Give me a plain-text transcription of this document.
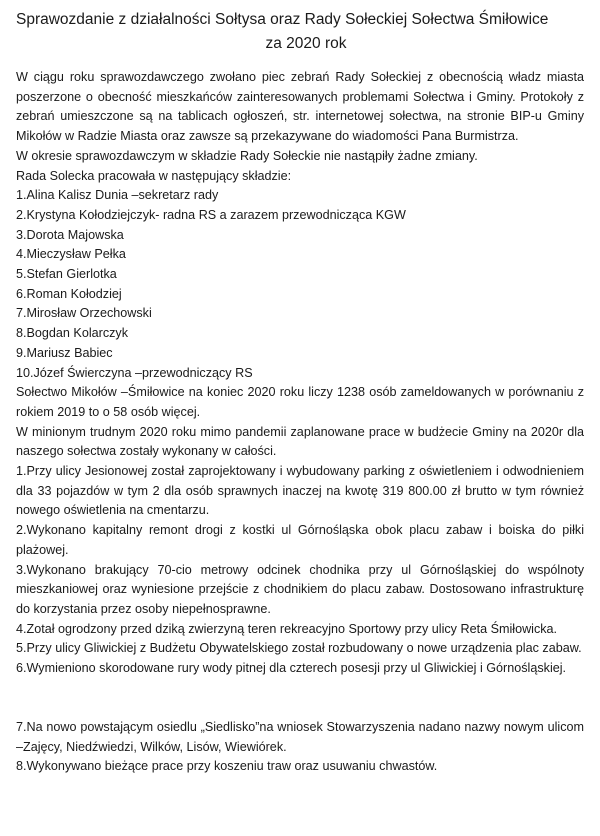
Sprawozdanie z działalności Sołtysa oraz Rady Sołeckiej Sołectwa Śmiłowice
za 2020 rok

W ciągu roku sprawozdawczego zwołano piec zebrań Rady Sołeckiej z obecnością władz miasta poszerzone o obecność mieszkańców zainteresowanych problemami Sołectwa i Gminy. Protokoły z zebrań umieszczone są na tablicach ogłoszeń, str. internetowej sołectwa, na stronie BIP-u Gminy Mikołów w Radzie Miasta oraz zawsze są przekazywane do wiadomości Pana Burmistrza.

W okresie sprawozdawczym w składzie Rady Sołeckie nie nastąpiły żadne zmiany.

Rada Solecka pracowała w następujący składzie:

1.Alina Kalisz Dunia –sekretarz rady

2.Krystyna Kołodziejczyk- radna RS a zarazem przewodnicząca KGW

3.Dorota Majowska

4.Mieczysław Pełka

5.Stefan Gierlotka

6.Roman Kołodziej

7.Mirosław Orzechowski

8.Bogdan Kolarczyk

9.Mariusz Babiec

10.Józef Świerczyna –przewodniczący RS

Sołectwo Mikołów –Śmiłowice na koniec 2020 roku liczy 1238 osób zameldowanych w porównaniu z rokiem 2019 to o 58 osób więcej.

W minionym trudnym 2020 roku mimo pandemii zaplanowane prace w budżecie Gminy na 2020r dla naszego sołectwa zostały wykonany w całości.

1.Przy ulicy Jesionowej został zaprojektowany i wybudowany parking z oświetleniem i odwodnieniem dla 33 pojazdów w tym 2 dla osób sprawnych inaczej na kwotę 319 800.00 zł brutto w tym również nowego oświetlenia na cmentarzu.

2.Wykonano kapitalny remont drogi z kostki ul Górnośląska obok placu zabaw i boiska do piłki plażowej.

3.Wykonano brakujący 70-cio metrowy odcinek chodnika przy ul Górnośląskiej do wspólnoty mieszkaniowej oraz wyniesione przejście z chodnikiem do placu zabaw. Dostosowano infrastrukturę do korzystania przez osoby niepełnosprawne.

4.Zotał ogrodzony przed dziką zwierzyną teren rekreacyjno Sportowy przy ulicy Reta Śmiłowicka.

5.Przy ulicy Gliwickiej z Budżetu Obywatelskiego został rozbudowany o nowe urządzenia plac zabaw.

6.Wymieniono skorodowane rury wody pitnej dla czterech posesji przy ul Gliwickiej i Górnośląskiej.

7.Na nowo powstającym osiedlu „Siedlisko”na wniosek Stowarzyszenia nadano nazwy nowym ulicom –Zajęcy, Niedźwiedzi, Wilków, Lisów, Wiewiórek.

8.Wykonywano bieżące prace przy koszeniu traw oraz usuwaniu chwastów.
